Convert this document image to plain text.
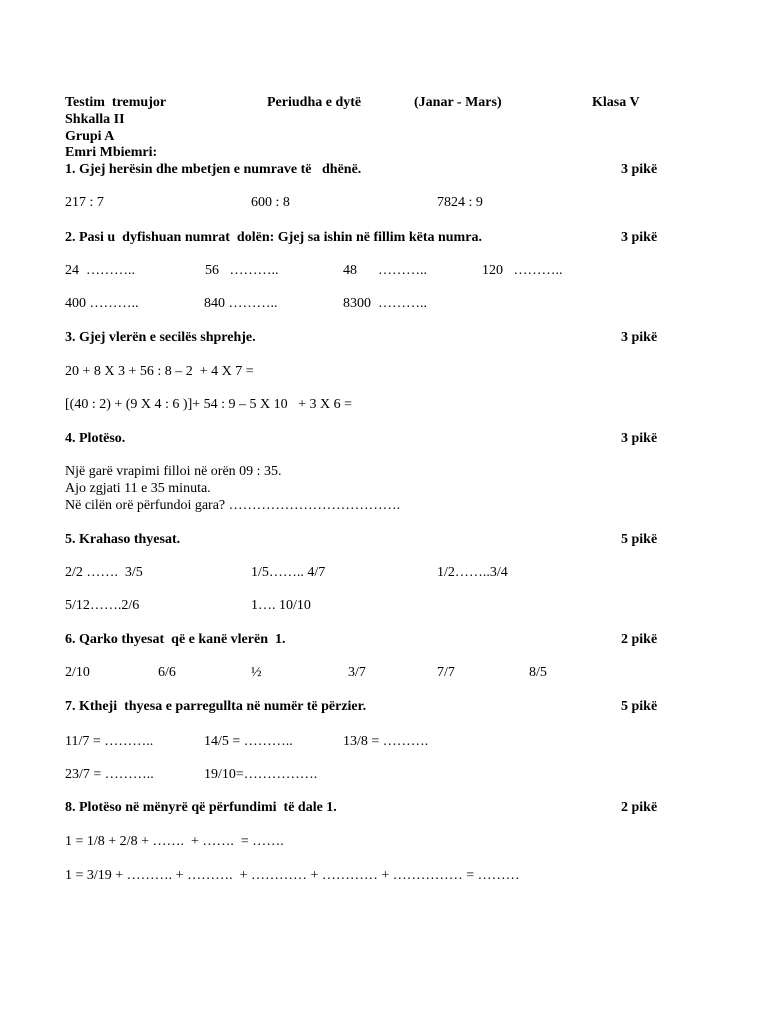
Testim  tremujor	Periudha e dytë	(Janar - Mars)	Klasa V
Shkalla II
Grupi A
Emri Mbiemri:
1. Gjej herësin dhe mbetjen e numrave të   dhënë.	3 pikë
217 : 7	600 : 8	7824 : 9
2. Pasi u  dyfishuan numrat  dolën: Gjej sa ishin në fillim këta numra.	3 pikë
24  ………..	56   ………..	48      ………..	120   ………..
400 ………..	840 ………..	8300  ………..
3. Gjej vlerën e secilës shprehje.	3 pikë
20 + 8 X 3 + 56 : 8 – 2  + 4 X 7 =
[(40 : 2) + (9 X 4 : 6 )]+ 54 : 9 – 5 X 10   + 3 X 6 =
4. Plotëso.	3 pikë
Një garë vrapimi filloi në orën 09 : 35.
Ajo zgjati 11 e 35 minuta.
Në cilën orë përfundoi gara? ……………………………….
5. Krahaso thyesat.	5 pikë
2/2 …….  3/5	1/5…….. 4/7	1/2……..3/4
5/12…….2/6	1…. 10/10
6. Qarko thyesat  që e kanë vlerën  1.	2 pikë
2/10	6/6	½	3/7	7/7	8/5
7. Ktheji  thyesa e parregullta në numër të përzier.	5 pikë
11/7 = ………..	14/5 = ………..	13/8 = ……….
23/7 = ………..	19/10=…………….
8. Plotëso në mënyrë që përfundimi  të dale 1.	2 pikë
1 = 1/8 + 2/8 + …….  + …….  = …….
1 = 3/19 + ………. + ……….  + ………… + ………… + …………… = ………
